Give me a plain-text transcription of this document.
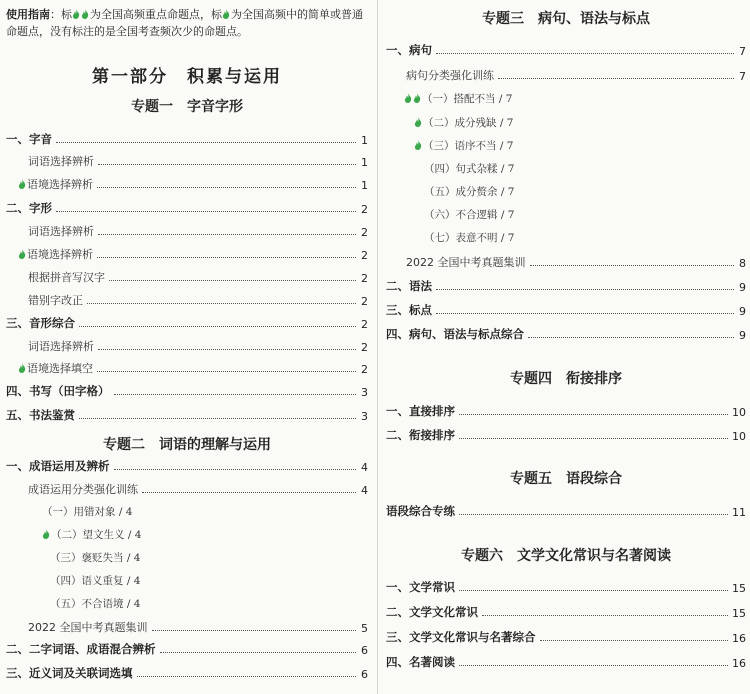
使用指南：标 为全国高频重点命题点，标 为全国高频中的简单或普通命题点，没有标注的是全国考查频次少的命题点。
第一部分　积累与运用
专题一　字音字形
专题二　词语的理解与运用
一、字音	1
词语选择辨析	1
语境选择辨析	1
二、字形	2
词语选择辨析	2
语境选择辨析	2
根据拼音写汉字	2
错别字改正	2
三、音形综合	2
词语选择辨析	2
语境选择填空	2
四、书写（田字格）	3
五、书法鉴赏	3
一、成语运用及辨析	4
成语运用分类强化训练	4
（一）用错对象 / 4
（二）望文生义 / 4
（三）褒贬失当 / 4
（四）语义重复 / 4
（五）不合语境 / 4
2022 全国中考真题集训	5
二、二字词语、成语混合辨析	6
三、近义词及关联词选填	6
专题三　病句、语法与标点
专题四　衔接排序
专题五　语段综合
专题六　文学文化常识与名著阅读
一、病句	7
病句分类强化训练	7
（一）搭配不当 / 7
（二）成分残缺 / 7
（三）语序不当 / 7
（四）句式杂糅 / 7
（五）成分赘余 / 7
（六）不合逻辑 / 7
（七）表意不明 / 7
2022 全国中考真题集训	8
二、语法	9
三、标点	9
四、病句、语法与标点综合	9
一、直接排序	10
二、衔接排序	10
语段综合专练	11
一、文学常识	15
二、文学文化常识	15
三、文学文化常识与名著综合	16
四、名著阅读	16
